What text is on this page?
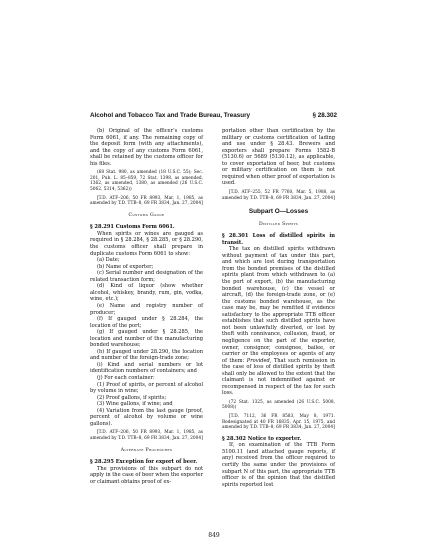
Alcohol and Tobacco Tax and Trade Bureau, Treasury	§ 28.302

(b) Original of the officer’s customs Form 6061, if any. The remaining copy of the deposit form (with any attachments), and the copy of any customs Form 6061, shall be retained by the customs officer for his files.

(68 Stat. 980, as amended (18 U.S.C. 55); Sec. 201, Pub. L. 85–859, 72 Stat. 1398, as amended, 1362, as amended, 1380, as amended (26 U.S.C. 5062, 5314, 5362))

[T.D. ATF–206, 50 FR 8993, Mar. 1, 1985, as amended by T.D. TTB–8, 69 FR 3834, Jan. 27, 2004]

Customs Gauge

§ 28.291 Customs Form 6061.

When spirits or wines are gauged as required in § 28.284, § 28.285, or § 28.290, the customs officer shall prepare in duplicate customs Form 6061 to show:

(a) Date;

(b) Name of exporter;

(c) Serial number and designation of the related transaction form;

(d) Kind of liquor (show whether alcohol, whiskey, brandy, rum, gin, vodka, wine, etc.);

(e) Name and registry number of producer;

(f) If gauged under § 28.284, the location of the port;

(g) If gauged under § 28.285, the location and number of the manufacturing bonded warehouse;

(h) If gauged under 28.290, the location and number of the foreign-trade zone;

(i) Kind and serial numbers or lot identification numbers of containers; and

(j) For each container:

(1) Proof of spirits, or percent of alcohol by volume in wine;

(2) Proof gallons, if spirits;

(3) Wine gallons, if wine; and

(4) Variation from the last gauge (proof, percent of alcohol by volume or wine gallons).

[T.D. ATF–206, 50 FR 8993, Mar. 1, 1985, as amended by T.D. TTB–8, 69 FR 3834, Jan. 27, 2004]

Alternate Procedures

§ 28.295 Exception for export of beer.

The provisions of this subpart do not apply in the case of beer when the exporter or claimant obtains proof of ex-

portation other than certification by the military or customs certification of lading and use under § 28.43. Brewers and exporters shall prepare Forms 1582-B (5130.6) or 5689 (5130.12), as applicable, to cover exportation of beer, but customs or military certification on them is not required when other proof of exportation is used.

[T.D. ATF–255, 52 FR 7760, Mar. 5, 1988, as amended by T.D. TTB–8, 69 FR 3834, Jan. 27, 2004]

Subpart O—Losses
Distilled Spirits

§ 28.301 Loss of distilled spirits in transit.

The tax on distilled spirits withdrawn without payment of tax under this part, and which are lost during transportation from the bonded premises of the distilled spirits plant from which withdrawn to (a) the port of export, (b) the manufacturing bonded warehouse, (c) the vessel or aircraft, (d) the foreign-trade zone, or (e) the customs bonded warehouse, as the case may be, may be remitted if evidence satisfactory to the appropriate TTB officer establishes that such distilled spirits have not been unlawfully diverted, or lost by theft with connivance, collusion, fraud, or negligence on the part of the exporter, owner, consignor, consignee, bailee, or carrier or the employees or agents of any of them: Provided, That such remission in the case of loss of distilled spirits by theft shall only be allowed to the extent that the claimant is not indemnified against or recompensed in respect of the tax for such loss.

(72 Stat. 1325, as amended (26 U.S.C. 5008, 5008))

[T.D. 7112, 36 FR 8583, May 8, 1971. Redesignated at 40 FR 16835, Apr. 15, 1975, and amended by T.D. TTB–8, 69 FR 3834, Jan. 27, 2004]

§ 28.302 Notice to exporter.

If, on examination of the TTB Form 5100.11 (and attached gauge reports, if any) received from the officer required to certify the same under the provisions of subpart N of this part, the appropriate TTB officer is of the opinion that the distilled spirits reported lost

849
